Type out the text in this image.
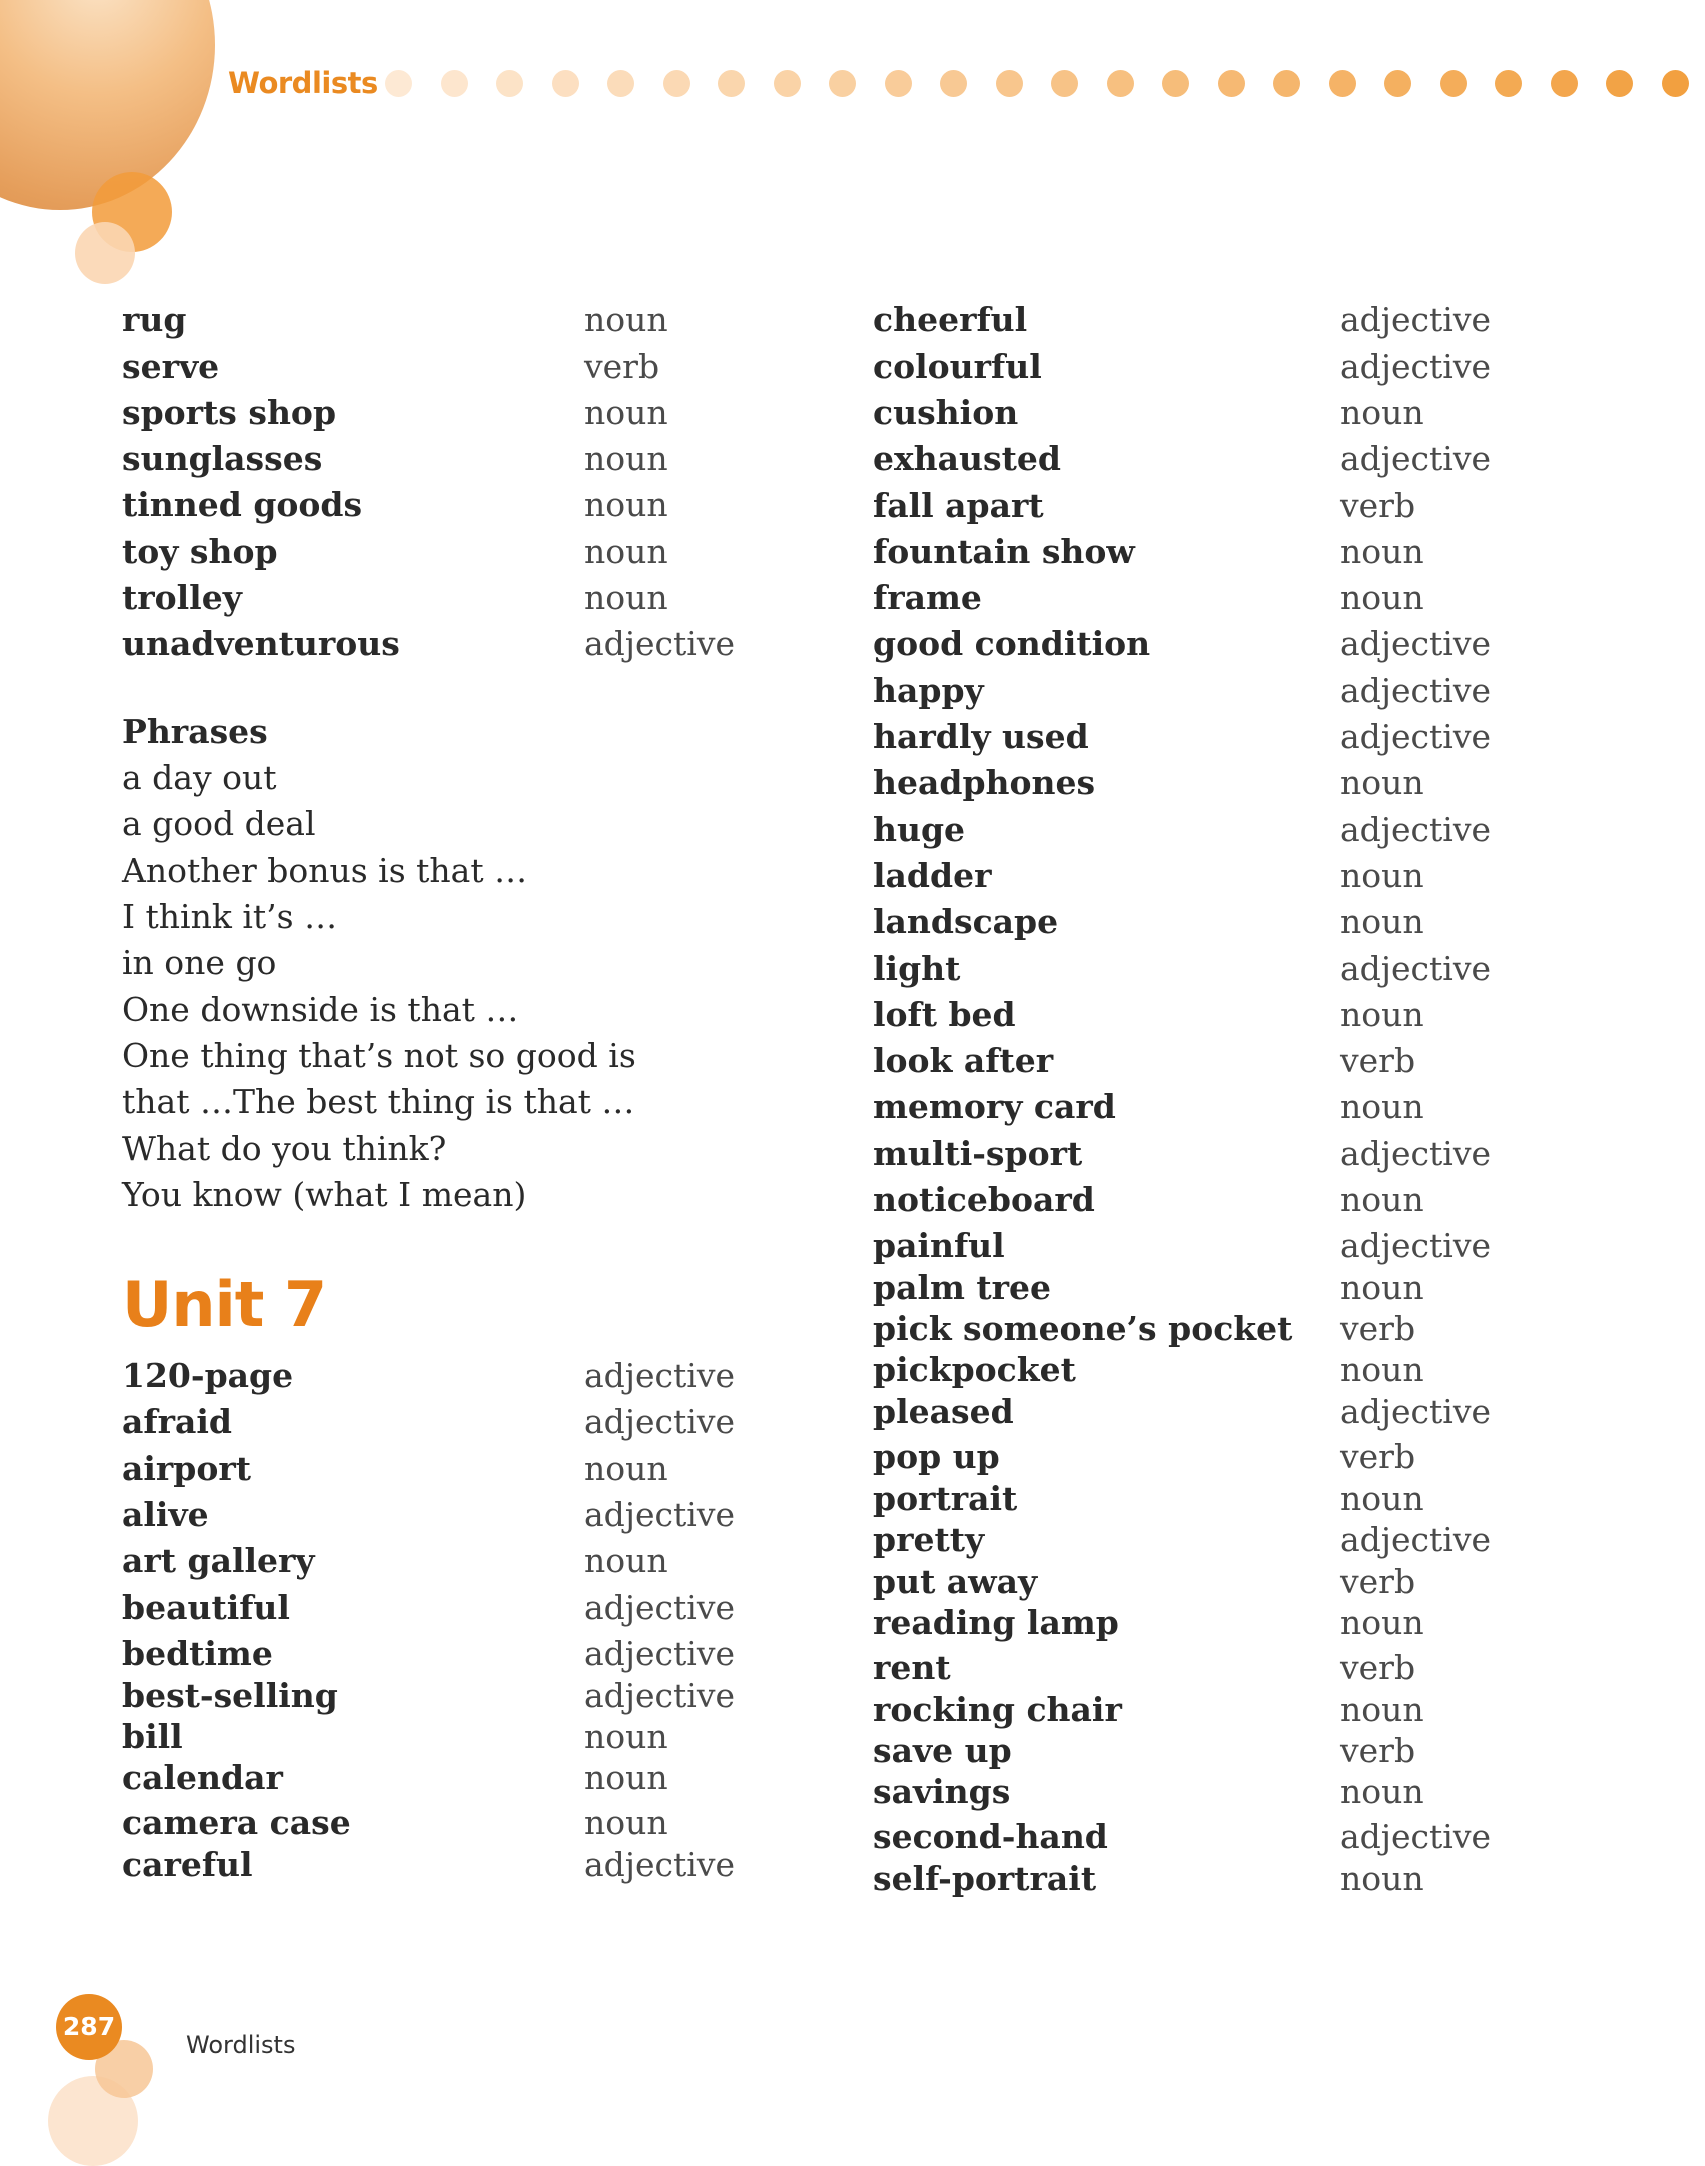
Wordlists
rug	noun
serve	verb
sports shop	noun
sunglasses	noun
tinned goods	noun
toy shop	noun
trolley	noun
unadventurous	adjective
Phrases
a day out
a good deal
Another bonus is that …
I think it’s …
in one go
One downside is that …
One thing that’s not so good is
that …The best thing is that …
What do you think?
You know (what I mean)
Unit 7
120-page	adjective
afraid	adjective
airport	noun
alive	adjective
art gallery	noun
beautiful	adjective
bedtime	adjective
best-selling	adjective
bill	noun
calendar	noun
camera case	noun
careful	adjective
cheerful	adjective
colourful	adjective
cushion	noun
exhausted	adjective
fall apart	verb
fountain show	noun
frame	noun
good condition	adjective
happy	adjective
hardly used	adjective
headphones	noun
huge	adjective
ladder	noun
landscape	noun
light	adjective
loft bed	noun
look after	verb
memory card	noun
multi-sport	adjective
noticeboard	noun
painful	adjective
palm tree	noun
pick someone’s pocket verb
pickpocket	noun
pleased	adjective
pop up	verb
portrait	noun
pretty	adjective
put away	verb
reading lamp	noun
rent	verb
rocking chair	noun
save up	verb
savings	noun
second-hand	adjective
self-portrait	noun
287
Wordlists
